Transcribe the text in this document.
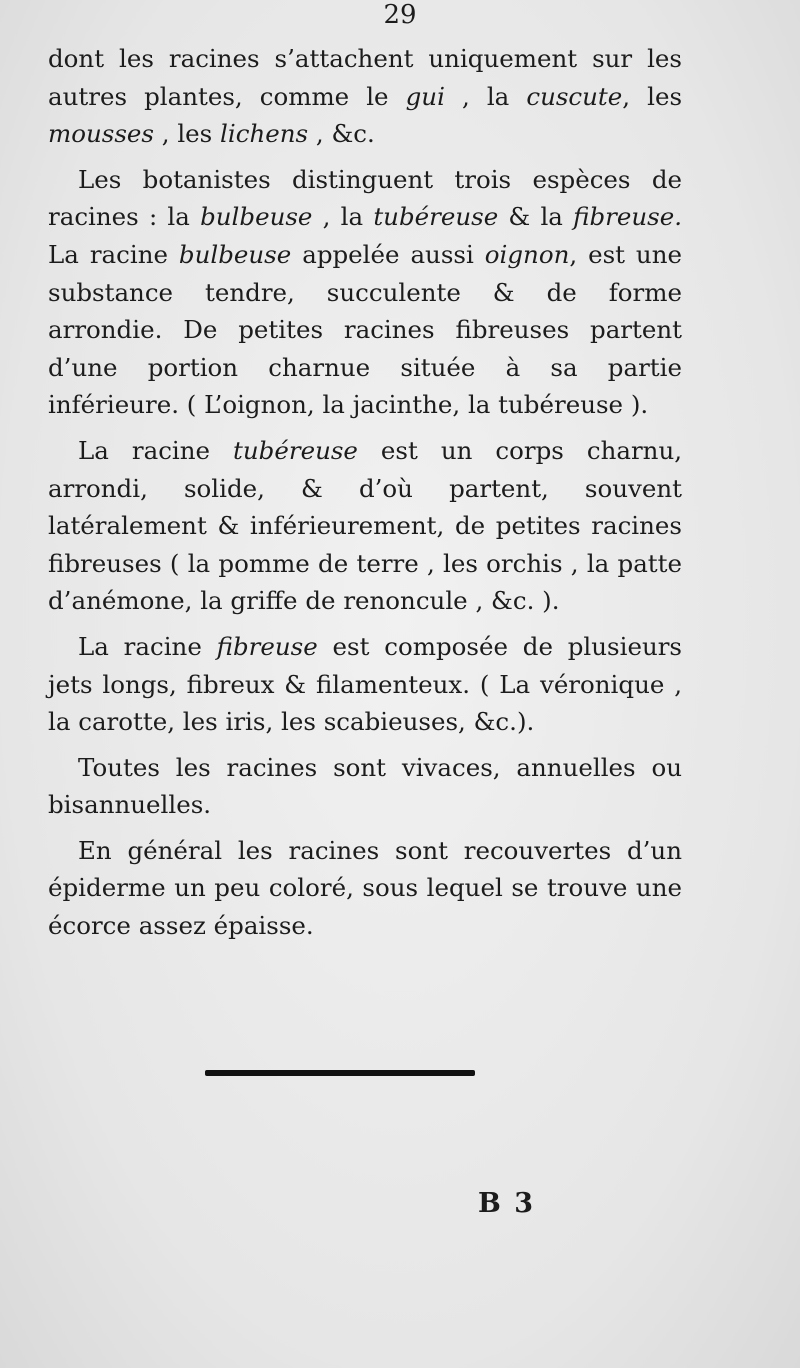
29

dont les racines s’attachent uniquement sur les autres plantes, comme le gui , la cuscute, les mousses , les lichens , &c.

Les botanistes distinguent trois espèces de racines : la bulbeuse , la tubéreuse & la fibreuse. La racine bulbeuse appelée aussi oignon, est une substance tendre, succulente & de forme arrondie. De petites racines fibreuses partent d’une portion charnue située à sa partie inférieure. ( L’oignon, la jacinthe, la tubéreuse ).

La racine tubéreuse est un corps charnu, arrondi, solide, & d’où partent, souvent latéralement & inférieurement, de petites racines fibreuses ( la pomme de terre , les orchis , la patte d’anémone, la griffe de renoncule , &c. ).

La racine fibreuse est composée de plusieurs jets longs, fibreux & filamenteux. ( La véronique , la carotte, les iris, les scabieuses, &c.).

Toutes les racines sont vivaces, annuelles ou bisannuelles.

En général les racines sont recouvertes d’un épiderme un peu coloré, sous lequel se trouve une écorce assez épaisse.

B 3
